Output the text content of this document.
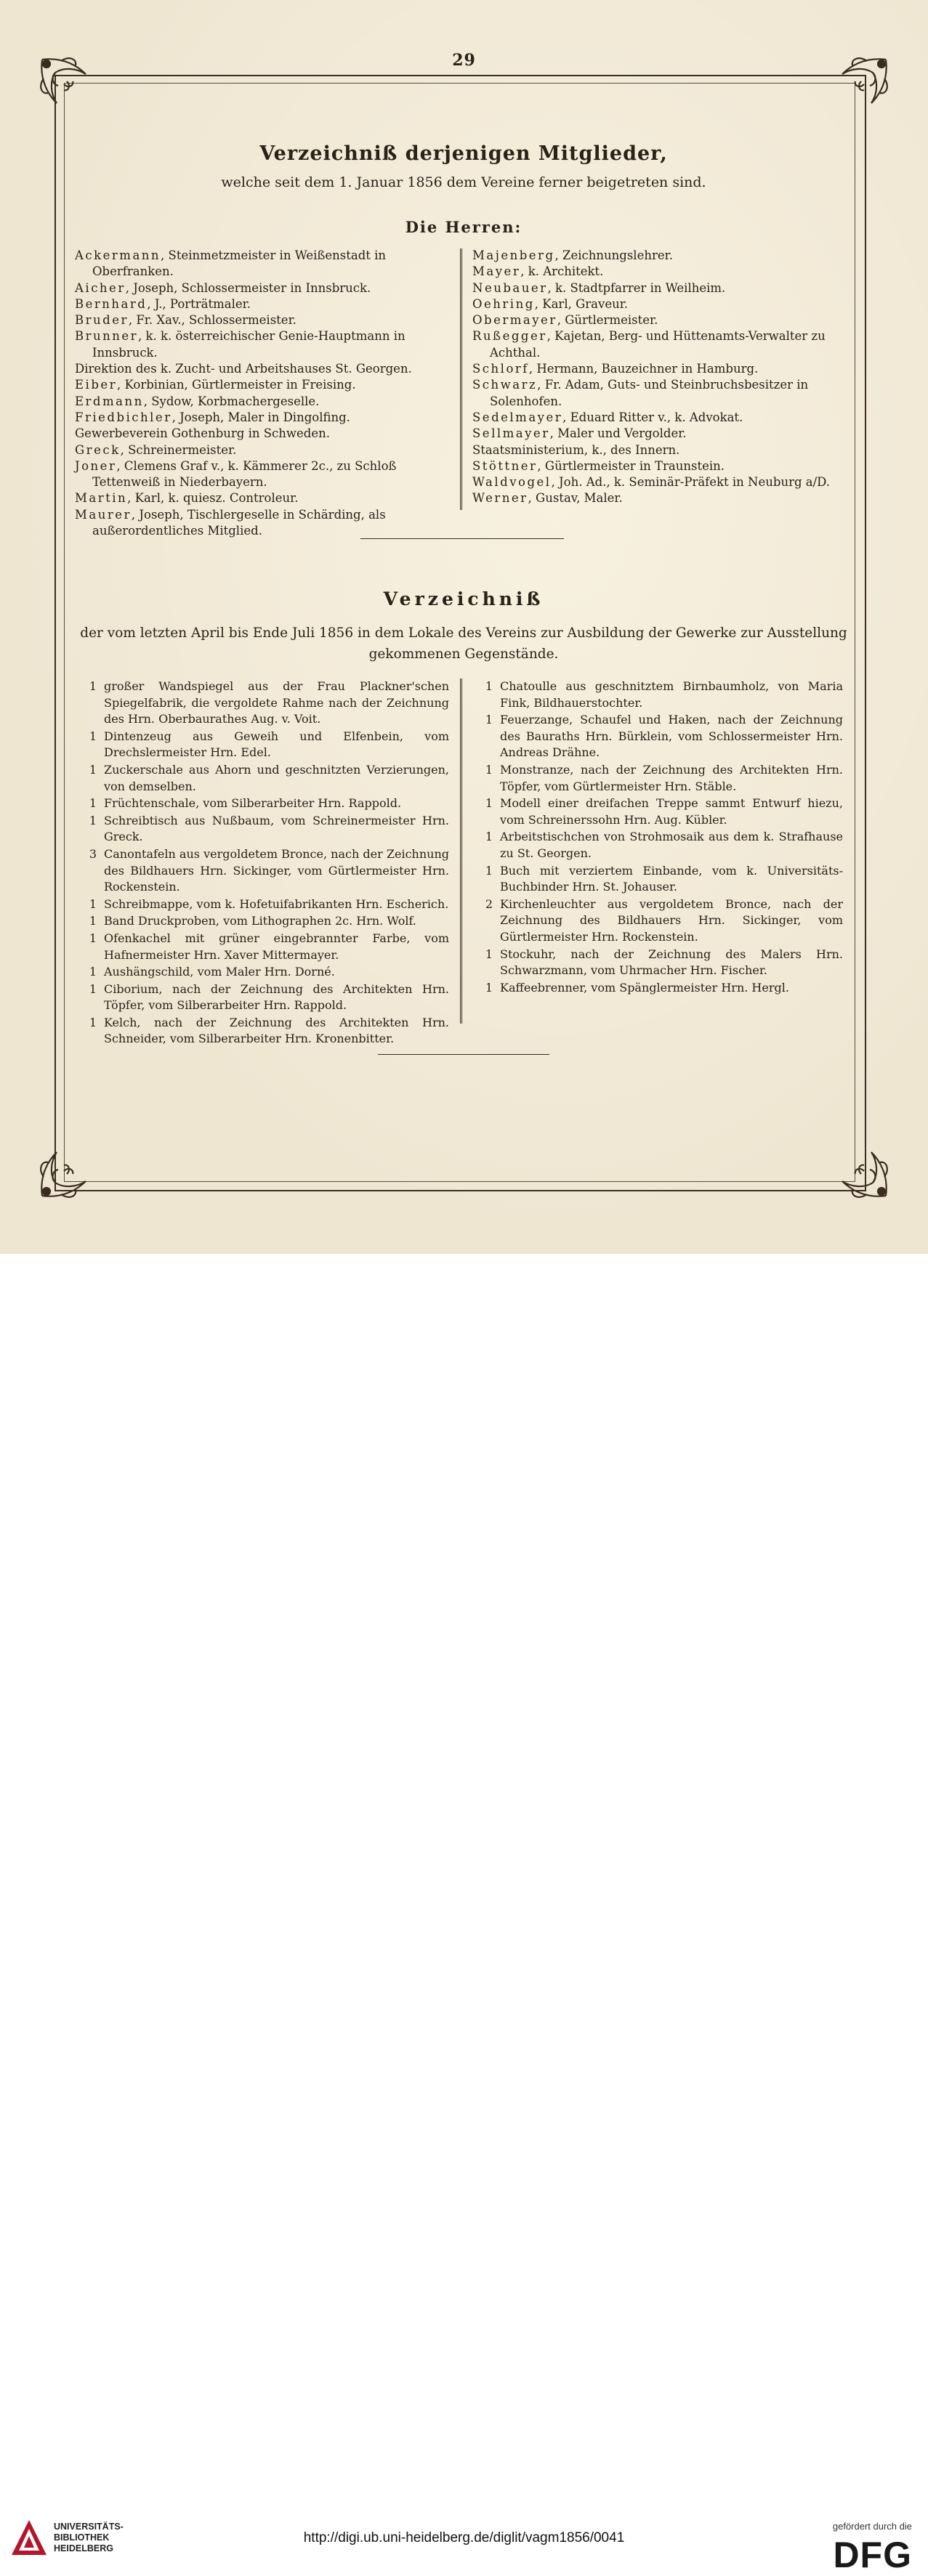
29
Verzeichniß derjenigen Mitglieder,
welche seit dem 1. Januar 1856 dem Vereine ferner beigetreten sind.
Die Herren:

Ackermann, Steinmetzmeister in Weißenstadt in Oberfranken.

Aicher, Joseph, Schlossermeister in Innsbruck.

Bernhard, J., Porträtmaler.

Bruder, Fr. Xav., Schlossermeister.

Brunner, k. k. österreichischer Genie-Hauptmann in Innsbruck.

Direktion des k. Zucht- und Arbeitshauses St. Georgen.

Eiber, Korbinian, Gürtlermeister in Freising.

Erdmann, Sydow, Korbmachergeselle.

Friedbichler, Joseph, Maler in Dingolfing.

Gewerbeverein Gothenburg in Schweden.

Greck, Schreinermeister.

Joner, Clemens Graf v., k. Kämmerer 2c., zu Schloß Tettenweiß in Niederbayern.

Martin, Karl, k. quiesz. Controleur.

Maurer, Joseph, Tischlergeselle in Schärding, als außerordentliches Mitglied.

Majenberg, Zeichnungslehrer.

Mayer, k. Architekt.

Neubauer, k. Stadtpfarrer in Weilheim.

Oehring, Karl, Graveur.

Obermayer, Gürtlermeister.

Rußegger, Kajetan, Berg- und Hüttenamts-Verwalter zu Achthal.

Schlorf, Hermann, Bauzeichner in Hamburg.

Schwarz, Fr. Adam, Guts- und Steinbruchsbesitzer in Solenhofen.

Sedelmayer, Eduard Ritter v., k. Advokat.

Sellmayer, Maler und Vergolder.

Staatsministerium, k., des Innern.

Stöttner, Gürtlermeister in Traunstein.

Waldvogel, Joh. Ad., k. Seminär-Präfekt in Neuburg a/D.

Werner, Gustav, Maler.

Verzeichniß
der vom letzten April bis Ende Juli 1856 in dem Lokale des Vereins zur Ausbildung der Gewerke zur Ausstellung gekommenen Gegenstände.
1 großer Wandspiegel aus der Frau Plackner'schen Spiegelfabrik, die vergoldete Rahme nach der Zeichnung des Hrn. Oberbaurathes Aug. v. Voit.
1 Dintenzeug aus Geweih und Elfenbein, vom Drechslermeister Hrn. Edel.
1 Zuckerschale aus Ahorn und geschnitzten Verzierungen, von demselben.
1 Früchtenschale, vom Silberarbeiter Hrn. Rappold.
1 Schreibtisch aus Nußbaum, vom Schreinermeister Hrn. Greck.
3 Canontafeln aus vergoldetem Bronce, nach der Zeichnung des Bildhauers Hrn. Sickinger, vom Gürtlermeister Hrn. Rockenstein.
1 Schreibmappe, vom k. Hofetuifabrikanten Hrn. Escherich.
1 Band Druckproben, vom Lithographen 2c. Hrn. Wolf.
1 Ofenkachel mit grüner eingebrannter Farbe, vom Hafnermeister Hrn. Xaver Mittermayer.
1 Aushängschild, vom Maler Hrn. Dorné.
1 Ciborium, nach der Zeichnung des Architekten Hrn. Töpfer, vom Silberarbeiter Hrn. Rappold.
1 Kelch, nach der Zeichnung des Architekten Hrn. Schneider, vom Silberarbeiter Hrn. Kronenbitter.
1 Chatoulle aus geschnitztem Birnbaumholz, von Maria Fink, Bildhauerstochter.
1 Feuerzange, Schaufel und Haken, nach der Zeichnung des Bauraths Hrn. Bürklein, vom Schlossermeister Hrn. Andreas Drähne.
1 Monstranze, nach der Zeichnung des Architekten Hrn. Töpfer, vom Gürtlermeister Hrn. Stäble.
1 Modell einer dreifachen Treppe sammt Entwurf hiezu, vom Schreinerssohn Hrn. Aug. Kübler.
1 Arbeitstischchen von Strohmosaik aus dem k. Strafhause zu St. Georgen.
1 Buch mit verziertem Einbande, vom k. Universitäts-Buchbinder Hrn. St. Johauser.
2 Kirchenleuchter aus vergoldetem Bronce, nach der Zeichnung des Bildhauers Hrn. Sickinger, vom Gürtlermeister Hrn. Rockenstein.
1 Stockuhr, nach der Zeichnung des Malers Hrn. Schwarzmann, vom Uhrmacher Hrn. Fischer.
1 Kaffeebrenner, vom Spänglermeister Hrn. Hergl.
UNIVERSITÄTS-
BIBLIOTHEK
HEIDELBERG
http://digi.ub.uni-heidelberg.de/diglit/vagm1856/0041
gefördert durch die
DFG
